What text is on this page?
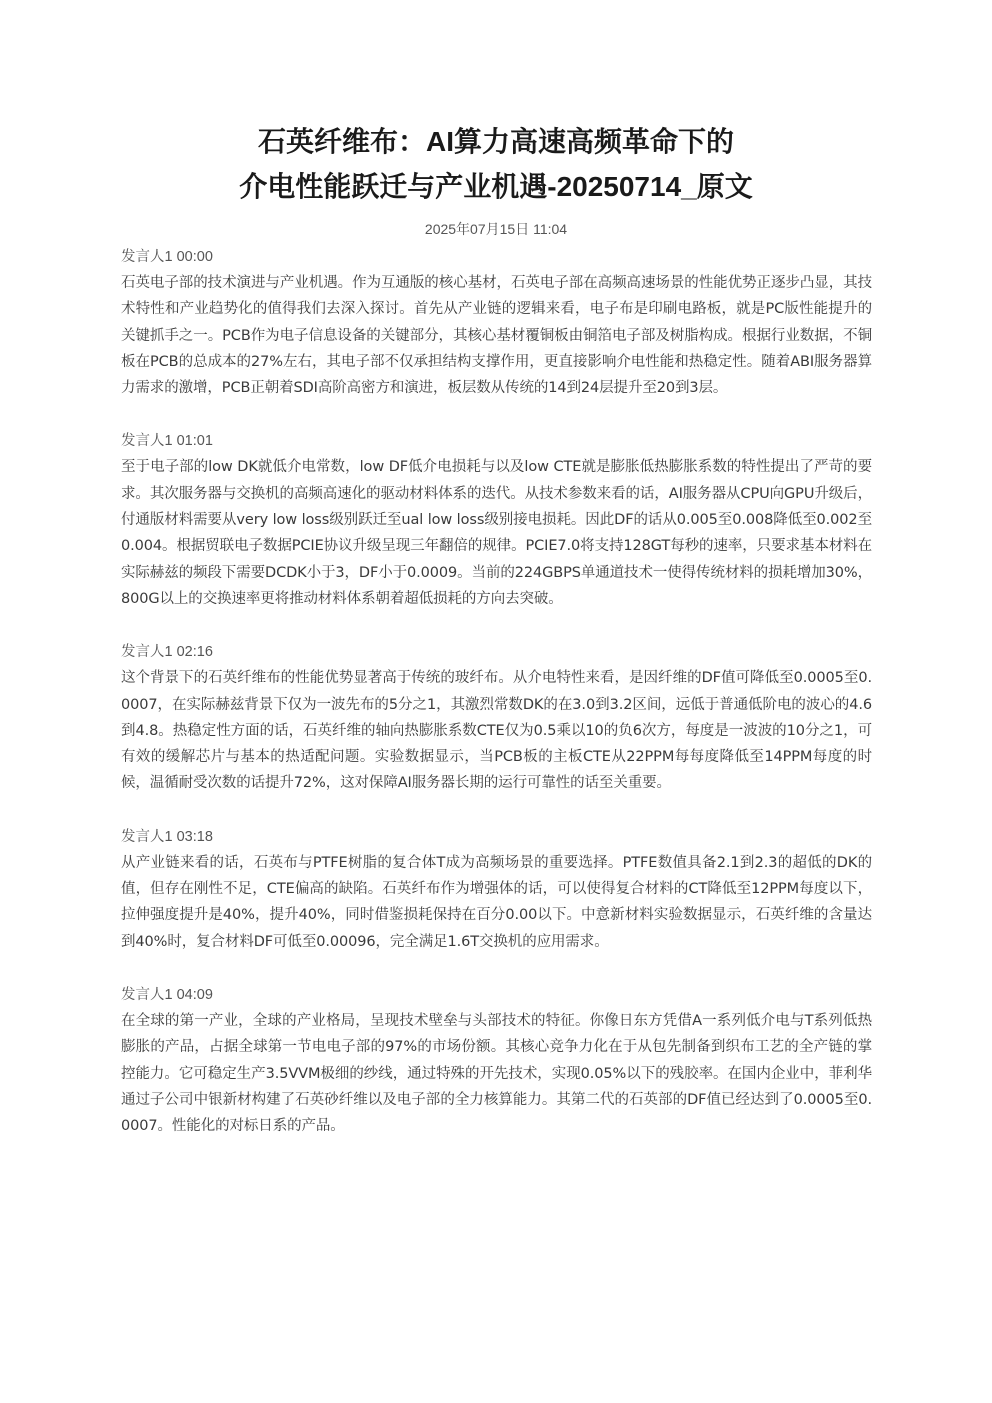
石英纤维布：AI算力高速高频革命下的
介电性能跃迁与产业机遇-20250714_原文
2025年07月15日 11:04

发言人1 00:00

石英电子部的技术演进与产业机遇。作为互通版的核心基材，石英电子部在高频高速场景的性能优势正逐步凸显，其技术特性和产业趋势化的值得我们去深入探讨。首先从产业链的逻辑来看，电子布是印刷电路板，就是PC版性能提升的关键抓手之一。PCB作为电子信息设备的关键部分，其核心基材覆铜板由铜箔电子部及树脂构成。根据行业数据，不铜板在PCB的总成本的27%左右，其电子部不仅承担结构支撑作用，更直接影响介电性能和热稳定性。随着ABI服务器算力需求的激增，PCB正朝着SDI高阶高密方和演进，板层数从传统的14到24层提升至20到3层。

发言人1 01:01

至于电子部的low DK就低介电常数，low DF低介电损耗与以及low CTE就是膨胀低热膨胀系数的特性提出了严苛的要求。其次服务器与交换机的高频高速化的驱动材料体系的迭代。从技术参数来看的话，AI服务器从CPU向GPU升级后，付通版材料需要从very low loss级别跃迁至ual low loss级别接电损耗。因此DF的话从0.005至0.008降低至0.002至0.004。根据贸联电子数据PCIE协议升级呈现三年翻倍的规律。PCIE7.0将支持128GT每秒的速率，只要求基本材料在实际赫兹的频段下需要DCDK小于3，DF小于0.0009。当前的224GBPS单通道技术一使得传统材料的损耗增加30%，800G以上的交换速率更将推动材料体系朝着超低损耗的方向去突破。

发言人1 02:16

这个背景下的石英纤维布的性能优势显著高于传统的玻纤布。从介电特性来看，是因纤维的DF值可降低至0.0005至0.0007，在实际赫兹背景下仅为一波先布的5分之1，其激烈常数DK的在3.0到3.2区间，远低于普通低阶电的波心的4.6到4.8。热稳定性方面的话，石英纤维的轴向热膨胀系数CTE仅为0.5乘以10的负6次方，每度是一波波的10分之1，可有效的缓解芯片与基本的热适配问题。实验数据显示，当PCB板的主板CTE从22PPM每每度降低至14PPM每度的时候，温循耐受次数的话提升72%，这对保障AI服务器长期的运行可靠性的话至关重要。

发言人1 03:18

从产业链来看的话，石英布与PTFE树脂的复合体T成为高频场景的重要选择。PTFE数值具备2.1到2.3的超低的DK的值，但存在刚性不足，CTE偏高的缺陷。石英纤布作为增强体的话，可以使得复合材料的CT降低至12PPM每度以下，拉伸强度提升是40%，提升40%，同时借鉴损耗保持在百分0.00以下。中意新材料实验数据显示，石英纤维的含量达到40%时，复合材料DF可低至0.00096，完全满足1.6T交换机的应用需求。

发言人1 04:09

在全球的第一产业，全球的产业格局，呈现技术壁垒与头部技术的特征。你像日东方凭借A一系列低介电与T系列低热膨胀的产品，占据全球第一节电电子部的97%的市场份额。其核心竞争力化在于从包先制备到织布工艺的全产链的掌控能力。它可稳定生产3.5VVM极细的纱线，通过特殊的开先技术，实现0.05%以下的残胶率。在国内企业中，菲利华通过子公司中银新材构建了石英砂纤维以及电子部的全力核算能力。其第二代的石英部的DF值已经达到了0.0005至0.0007。性能化的对标日系的产品。
